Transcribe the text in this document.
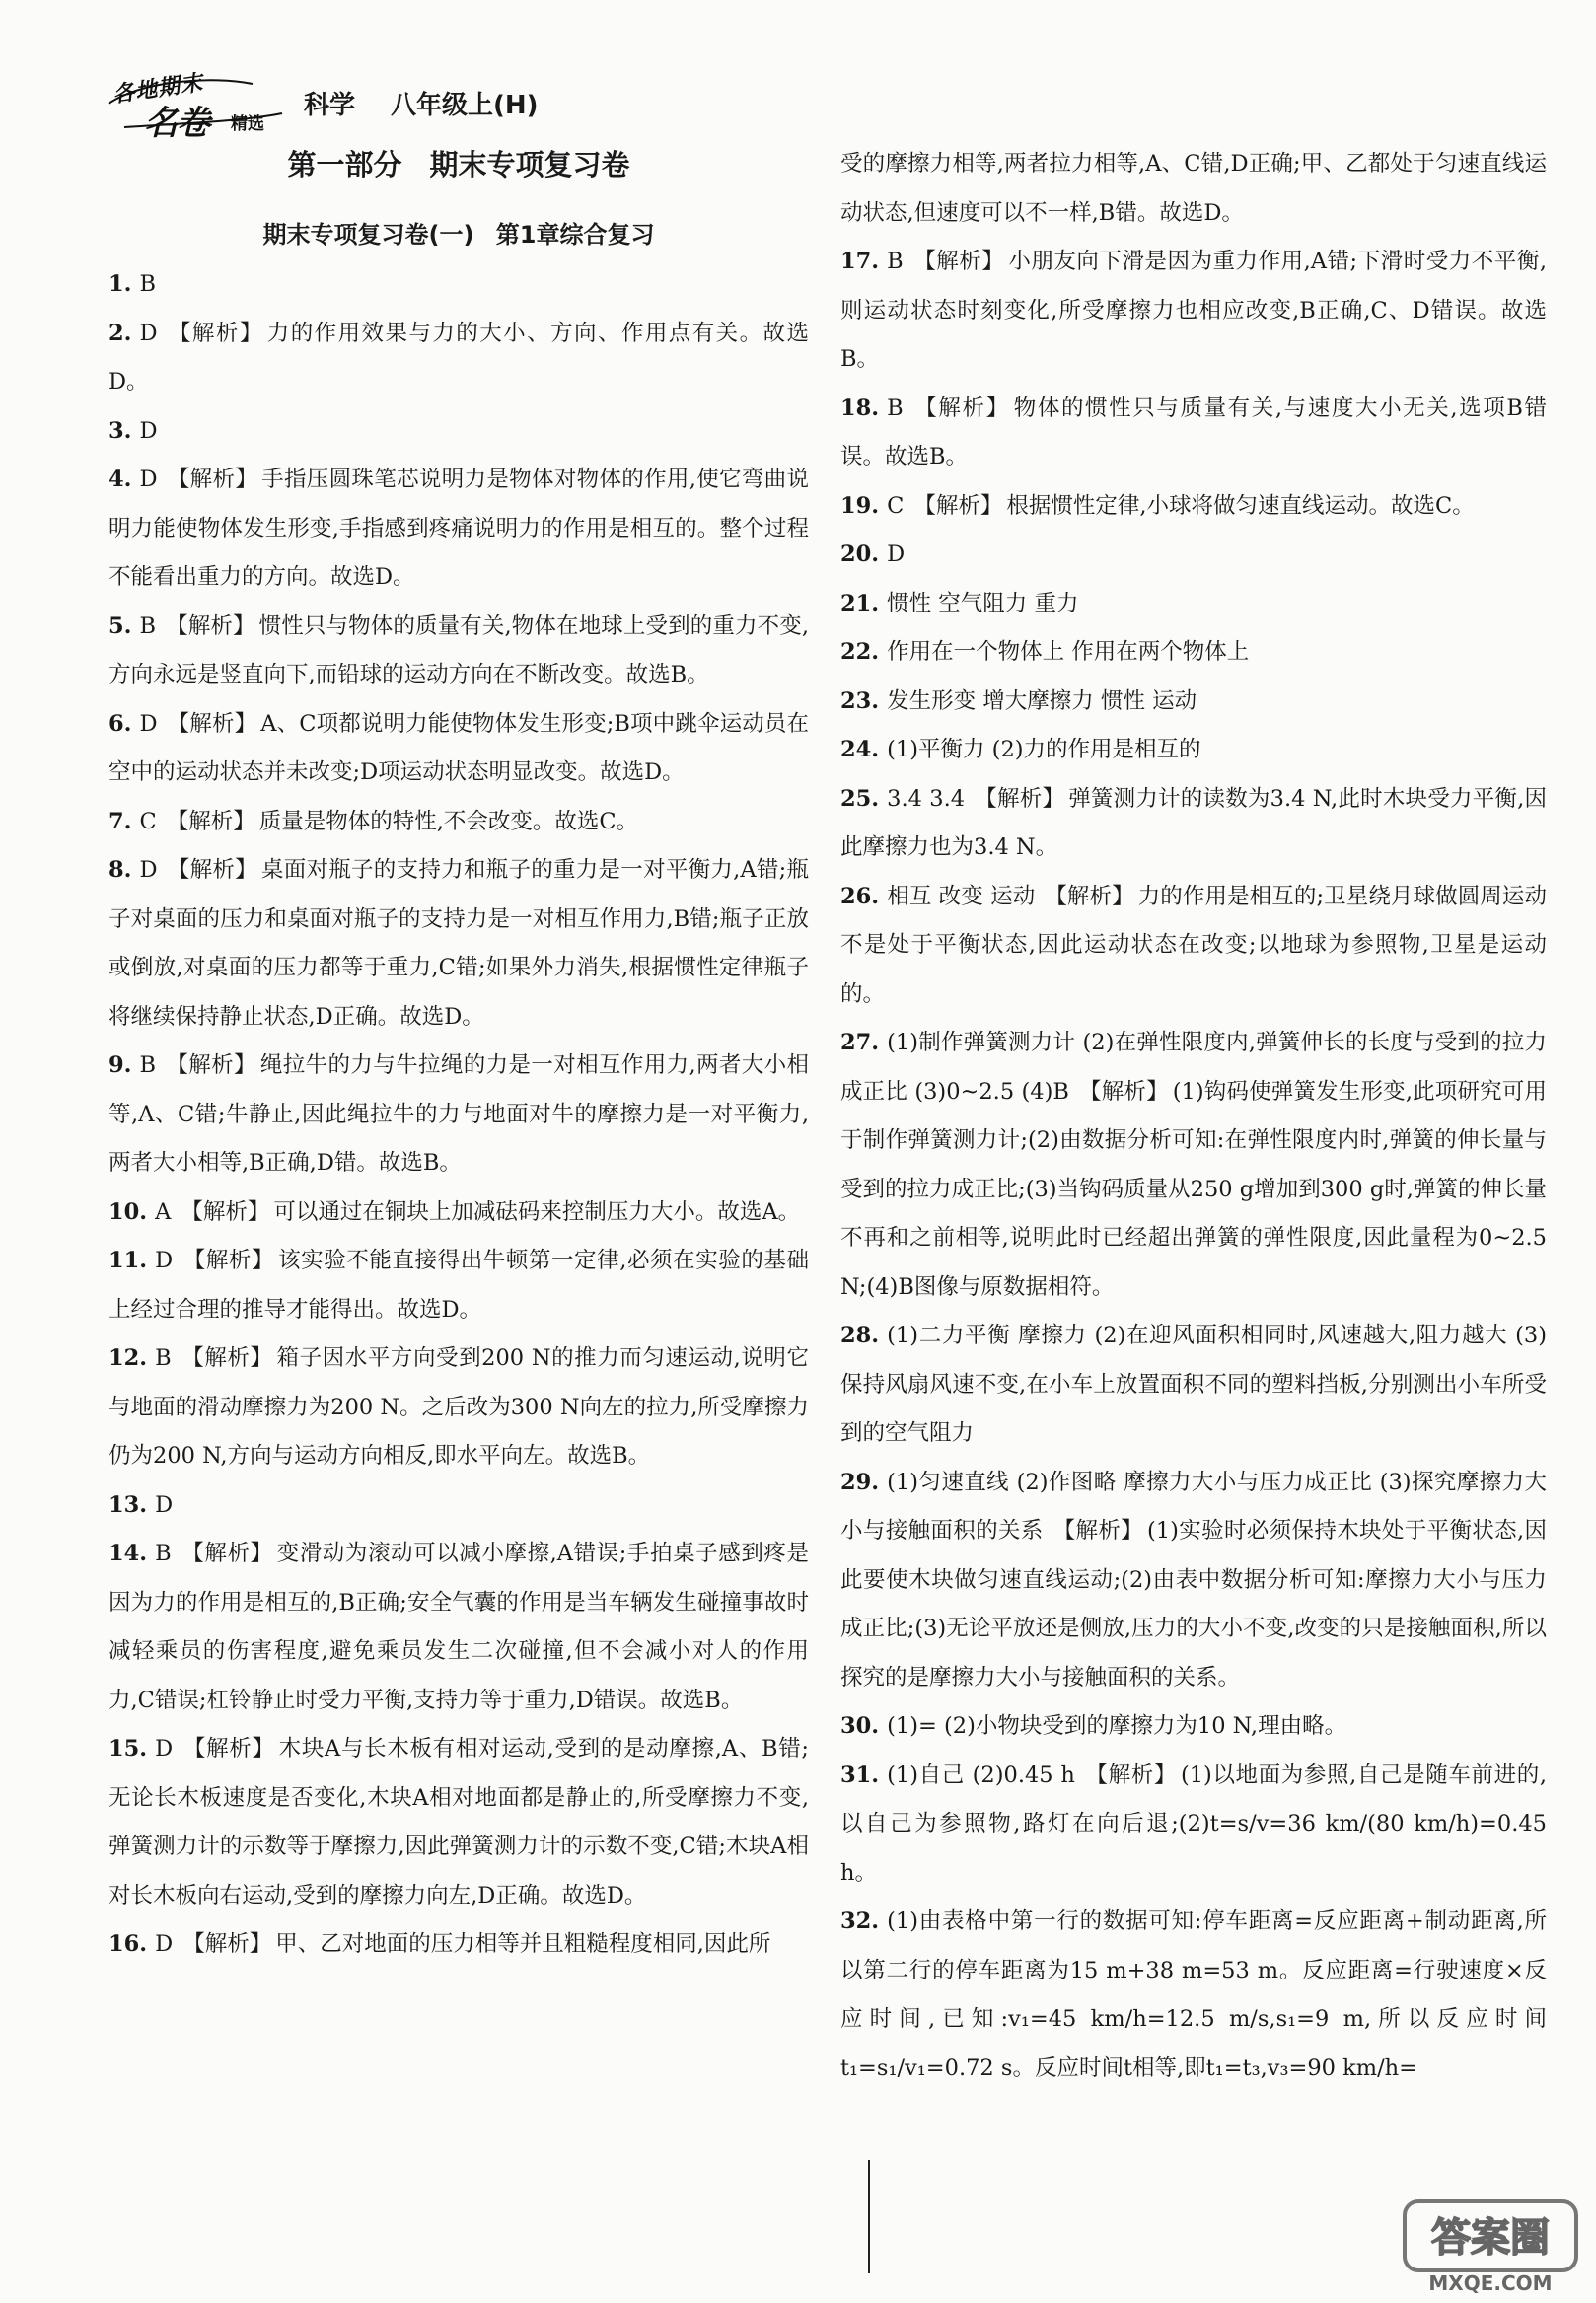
各地期末
名卷 精选
科学 八年级上(H)
第一部分 期末专项复习卷
期末专项复习卷(一) 第1章综合复习
1. B
2. D 【解析】 力的作用效果与力的大小、方向、作用点有关。故选D。
3. D
4. D 【解析】 手指压圆珠笔芯说明力是物体对物体的作用,使它弯曲说明力能使物体发生形变,手指感到疼痛说明力的作用是相互的。整个过程不能看出重力的方向。故选D。
5. B 【解析】 惯性只与物体的质量有关,物体在地球上受到的重力不变,方向永远是竖直向下,而铅球的运动方向在不断改变。故选B。
6. D 【解析】 A、C项都说明力能使物体发生形变;B项中跳伞运动员在空中的运动状态并未改变;D项运动状态明显改变。故选D。
7. C 【解析】 质量是物体的特性,不会改变。故选C。
8. D 【解析】 桌面对瓶子的支持力和瓶子的重力是一对平衡力,A错;瓶子对桌面的压力和桌面对瓶子的支持力是一对相互作用力,B错;瓶子正放或倒放,对桌面的压力都等于重力,C错;如果外力消失,根据惯性定律瓶子将继续保持静止状态,D正确。故选D。
9. B 【解析】 绳拉牛的力与牛拉绳的力是一对相互作用力,两者大小相等,A、C错;牛静止,因此绳拉牛的力与地面对牛的摩擦力是一对平衡力,两者大小相等,B正确,D错。故选B。
10. A 【解析】 可以通过在铜块上加减砝码来控制压力大小。故选A。
11. D 【解析】 该实验不能直接得出牛顿第一定律,必须在实验的基础上经过合理的推导才能得出。故选D。
12. B 【解析】 箱子因水平方向受到200 N的推力而匀速运动,说明它与地面的滑动摩擦力为200 N。之后改为300 N向左的拉力,所受摩擦力仍为200 N,方向与运动方向相反,即水平向左。故选B。
13. D
14. B 【解析】 变滑动为滚动可以减小摩擦,A错误;手拍桌子感到疼是因为力的作用是相互的,B正确;安全气囊的作用是当车辆发生碰撞事故时减轻乘员的伤害程度,避免乘员发生二次碰撞,但不会减小对人的作用力,C错误;杠铃静止时受力平衡,支持力等于重力,D错误。故选B。
15. D 【解析】 木块A与长木板有相对运动,受到的是动摩擦,A、B错;无论长木板速度是否变化,木块A相对地面都是静止的,所受摩擦力不变,弹簧测力计的示数等于摩擦力,因此弹簧测力计的示数不变,C错;木块A相对长木板向右运动,受到的摩擦力向左,D正确。故选D。
16. D 【解析】 甲、乙对地面的压力相等并且粗糙程度相同,因此所
受的摩擦力相等,两者拉力相等,A、C错,D正确;甲、乙都处于匀速直线运动状态,但速度可以不一样,B错。故选D。
17. B 【解析】 小朋友向下滑是因为重力作用,A错;下滑时受力不平衡,则运动状态时刻变化,所受摩擦力也相应改变,B正确,C、D错误。故选B。
18. B 【解析】 物体的惯性只与质量有关,与速度大小无关,选项B错误。故选B。
19. C 【解析】 根据惯性定律,小球将做匀速直线运动。故选C。
20. D
21. 惯性 空气阻力 重力
22. 作用在一个物体上 作用在两个物体上
23. 发生形变 增大摩擦力 惯性 运动
24. (1)平衡力 (2)力的作用是相互的
25. 3.4 3.4 【解析】 弹簧测力计的读数为3.4 N,此时木块受力平衡,因此摩擦力也为3.4 N。
26. 相互 改变 运动 【解析】 力的作用是相互的;卫星绕月球做圆周运动不是处于平衡状态,因此运动状态在改变;以地球为参照物,卫星是运动的。
27. (1)制作弹簧测力计 (2)在弹性限度内,弹簧伸长的长度与受到的拉力成正比 (3)0~2.5 (4)B 【解析】 (1)钩码使弹簧发生形变,此项研究可用于制作弹簧测力计;(2)由数据分析可知:在弹性限度内时,弹簧的伸长量与受到的拉力成正比;(3)当钩码质量从250 g增加到300 g时,弹簧的伸长量不再和之前相等,说明此时已经超出弹簧的弹性限度,因此量程为0~2.5 N;(4)B图像与原数据相符。
28. (1)二力平衡 摩擦力 (2)在迎风面积相同时,风速越大,阻力越大 (3)保持风扇风速不变,在小车上放置面积不同的塑料挡板,分别测出小车所受到的空气阻力
29. (1)匀速直线 (2)作图略 摩擦力大小与压力成正比 (3)探究摩擦力大小与接触面积的关系 【解析】 (1)实验时必须保持木块处于平衡状态,因此要使木块做匀速直线运动;(2)由表中数据分析可知:摩擦力大小与压力成正比;(3)无论平放还是侧放,压力的大小不变,改变的只是接触面积,所以探究的是摩擦力大小与接触面积的关系。
30. (1)= (2)小物块受到的摩擦力为10 N,理由略。
31. (1)自己 (2)0.45 h 【解析】 (1)以地面为参照,自己是随车前进的,以自己为参照物,路灯在向后退;(2)t=s/v=36 km/(80 km/h)=0.45 h。
32. (1)由表格中第一行的数据可知:停车距离=反应距离+制动距离,所以第二行的停车距离为15 m+38 m=53 m。反应距离=行驶速度×反应时间,已知:v₁=45 km/h=12.5 m/s,s₁=9 m,所以反应时间t₁=s₁/v₁=0.72 s。反应时间t相等,即t₁=t₃,v₃=90 km/h=
答案圈
MXQE.COM
